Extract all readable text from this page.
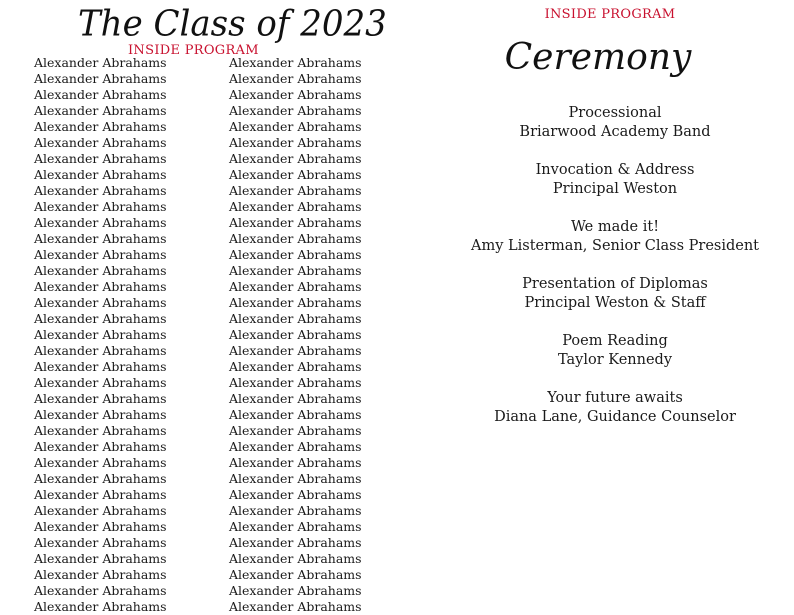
The Class of 2023
INSIDE PROGRAM
Alexander Abrahams
Alexander Abrahams
Alexander Abrahams
Alexander Abrahams
Alexander Abrahams
Alexander Abrahams
Alexander Abrahams
Alexander Abrahams
Alexander Abrahams
Alexander Abrahams
Alexander Abrahams
Alexander Abrahams
Alexander Abrahams
Alexander Abrahams
Alexander Abrahams
Alexander Abrahams
Alexander Abrahams
Alexander Abrahams
Alexander Abrahams
Alexander Abrahams
Alexander Abrahams
Alexander Abrahams
Alexander Abrahams
Alexander Abrahams
Alexander Abrahams
Alexander Abrahams
Alexander Abrahams
Alexander Abrahams
Alexander Abrahams
Alexander Abrahams
Alexander Abrahams
Alexander Abrahams
Alexander Abrahams
Alexander Abrahams
Alexander Abrahams
Alexander Abrahams
Alexander Abrahams
Alexander Abrahams
Alexander Abrahams
Alexander Abrahams
Alexander Abrahams
Alexander Abrahams
Alexander Abrahams
Alexander Abrahams
Alexander Abrahams
Alexander Abrahams
Alexander Abrahams
Alexander Abrahams
Alexander Abrahams
Alexander Abrahams
Alexander Abrahams
Alexander Abrahams
Alexander Abrahams
Alexander Abrahams
Alexander Abrahams
Alexander Abrahams
Alexander Abrahams
Alexander Abrahams
Alexander Abrahams
Alexander Abrahams
Alexander Abrahams
Alexander Abrahams
Alexander Abrahams
Alexander Abrahams
Alexander Abrahams
Alexander Abrahams
Alexander Abrahams
Alexander Abrahams
Alexander Abrahams
Alexander Abrahams
INSIDE PROGRAM
Ceremony
Processional
Briarwood Academy Band
Invocation & Address
Principal Weston
We made it!
Amy Listerman, Senior Class President
Presentation of Diplomas
Principal Weston & Staff
Poem Reading
Taylor Kennedy
Your future awaits
Diana Lane, Guidance Counselor
